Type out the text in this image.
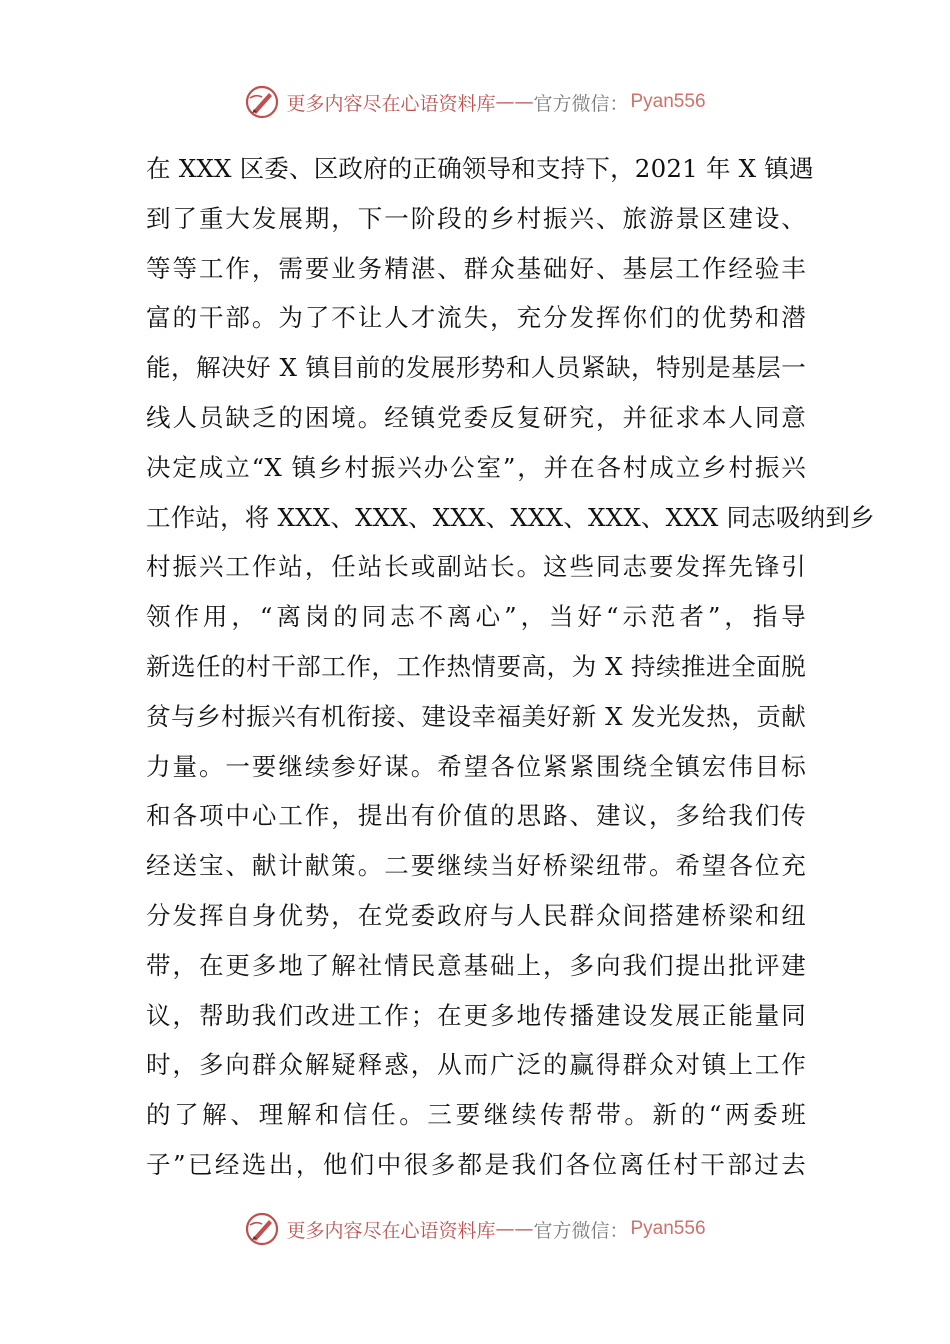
更多内容尽在心语资料库 —— 官方微信： Pyan556
在 XXX 区委、区政府的正确领导和支持下，2021 年 X 镇遇
到了重大发展期，下一阶段的乡村振兴、旅游景区建设、
等等工作，需要业务精湛、群众基础好、基层工作经验丰
富的干部。为了不让人才流失，充分发挥你们的优势和潜
能，解决好 X 镇目前的发展形势和人员紧缺，特别是基层一
线人员缺乏的困境。经镇党委反复研究，并征求本人同意
决定成立“X 镇乡村振兴办公室”，并在各村成立乡村振兴
工作站，将 XXX、XXX、XXX、XXX、XXX、XXX 同志吸纳到乡
村振兴工作站，任站长或副站长。这些同志要发挥先锋引
领作用，“离岗的同志不离心”，当好“示范者”，指导
新选任的村干部工作，工作热情要高，为 X 持续推进全面脱
贫与乡村振兴有机衔接、建设幸福美好新 X 发光发热，贡献
力量。一要继续参好谋。希望各位紧紧围绕全镇宏伟目标
和各项中心工作，提出有价值的思路、建议，多给我们传
经送宝、献计献策。二要继续当好桥梁纽带。希望各位充
分发挥自身优势，在党委政府与人民群众间搭建桥梁和纽
带，在更多地了解社情民意基础上，多向我们提出批评建
议，帮助我们改进工作；在更多地传播建设发展正能量同
时，多向群众解疑释惑，从而广泛的赢得群众对镇上工作
的了解、理解和信任。三要继续传帮带。新的“两委班
子”已经选出，他们中很多都是我们各位离任村干部过去
更多内容尽在心语资料库 —— 官方微信： Pyan556
